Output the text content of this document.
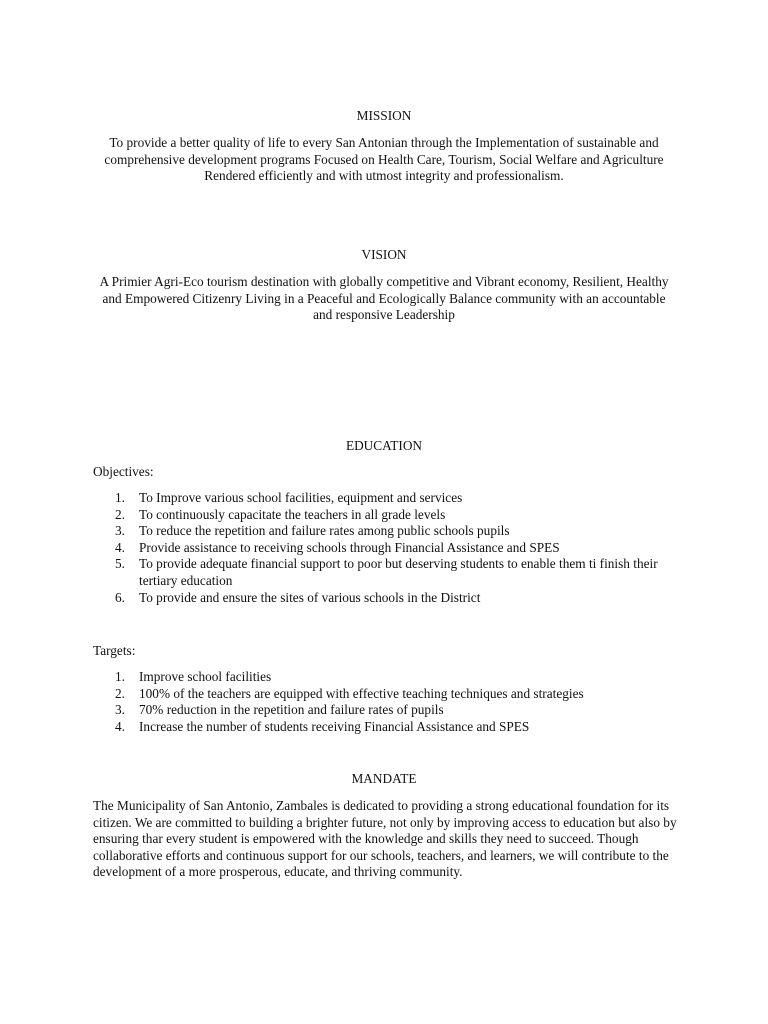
MISSION

To provide a better quality of life to every San Antonian through the Implementation of sustainable and comprehensive development programs Focused on Health Care, Tourism, Social Welfare and Agriculture Rendered efficiently and with utmost integrity and professionalism.

VISION

A Primier Agri-Eco tourism destination with globally competitive and Vibrant economy, Resilient, Healthy and Empowered Citizenry Living in a Peaceful and Ecologically Balance community with an accountable and responsive Leadership

EDUCATION

Objectives:

1.	To Improve various school facilities, equipment and services
2.	To continuously capacitate the teachers in all grade levels
3.	To reduce the repetition and failure rates among public schools pupils
4.	Provide assistance to receiving schools through Financial Assistance and SPES
5.	To provide adequate financial support to poor but deserving students to enable them ti finish their tertiary education
6.	To provide and ensure the sites of various schools in the District

Targets:

1.	Improve school facilities
2.	100% of the teachers are equipped with effective teaching techniques and strategies
3.	70% reduction in the repetition and failure rates of pupils
4.	Increase the number of students receiving Financial Assistance and SPES
MANDATE

The Municipality of San Antonio, Zambales is dedicated to providing a strong educational foundation for its citizen. We are committed to building a brighter future, not only by improving access to education but also by ensuring thar every student is empowered with the knowledge and skills they need to succeed. Though collaborative efforts and continuous support for our schools, teachers, and learners, we will contribute to the development of a more prosperous, educate, and thriving community.
